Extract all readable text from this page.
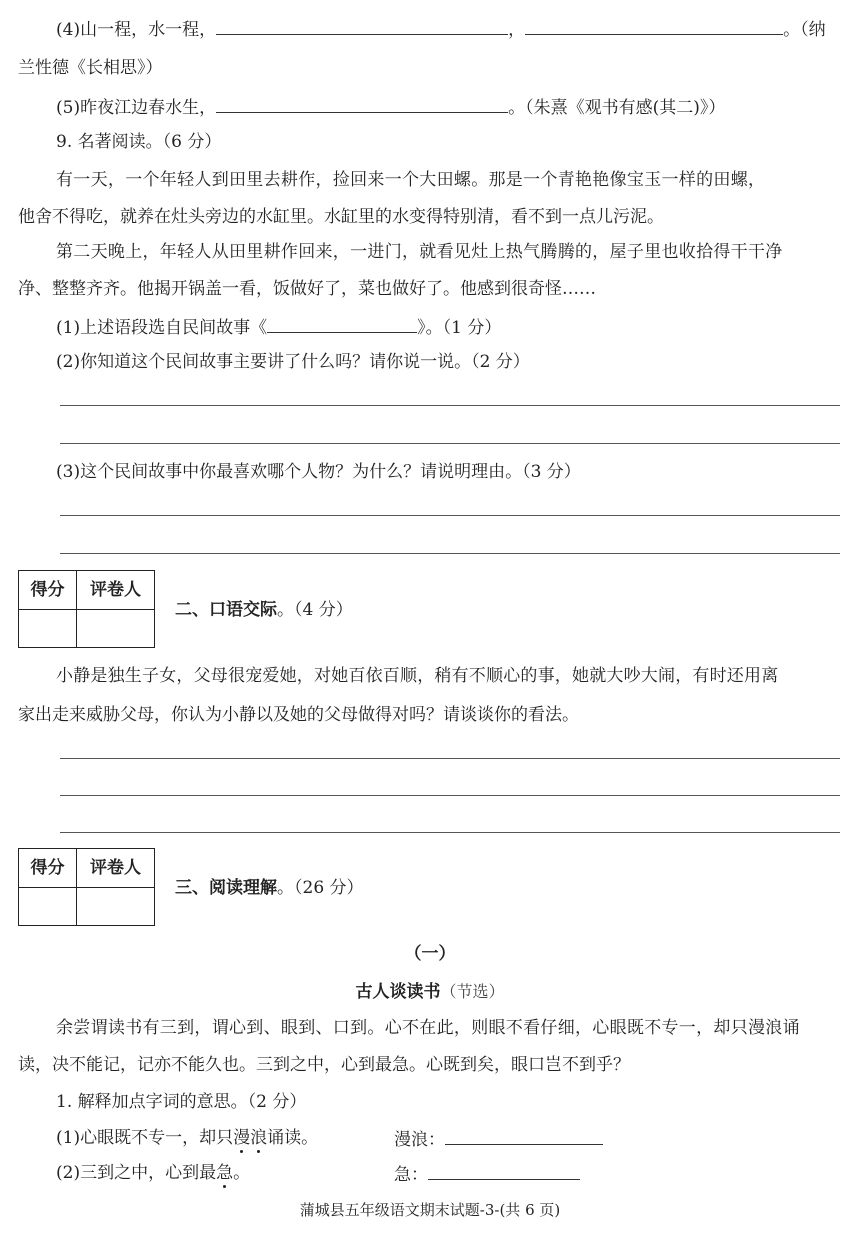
(4)山一程，水一程，	，	。（纳
兰性德《长相思》）
(5)昨夜江边春水生，	。（朱熹《观书有感(其二)》）
9. 名著阅读。（6 分）
有一天，一个年轻人到田里去耕作，捡回来一个大田螺。那是一个青艳艳像宝玉一样的田螺，
他舍不得吃，就养在灶头旁边的水缸里。水缸里的水变得特别清，看不到一点儿污泥。
第二天晚上，年轻人从田里耕作回来，一进门，就看见灶上热气腾腾的，屋子里也收拾得干干净
净、整整齐齐。他揭开锅盖一看，饭做好了，菜也做好了。他感到很奇怪……
(1)上述语段选自民间故事《	》。（1 分）
(2)你知道这个民间故事主要讲了什么吗？请你说一说。（2 分）
(3)这个民间故事中你最喜欢哪个人物？为什么？请说明理由。（3 分）
得分	评卷人
二、口语交际。（4 分）
小静是独生子女，父母很宠爱她，对她百依百顺，稍有不顺心的事，她就大吵大闹，有时还用离
家出走来威胁父母，你认为小静以及她的父母做得对吗？请谈谈你的看法。
得分	评卷人
三、阅读理解。（26 分）
（一）
古人谈读书（节选）
余尝谓读书有三到，谓心到、眼到、口到。心不在此，则眼不看仔细，心眼既不专一，却只漫浪诵
读，决不能记，记亦不能久也。三到之中，心到最急。心既到矣，眼口岂不到乎？
1. 解释加点字词的意思。（2 分）
(1)心眼既不专一，却只漫浪诵读。	漫浪：
(2)三到之中，心到最急。	急：
蒲城县五年级语文期末试题-3-(共 6 页)
